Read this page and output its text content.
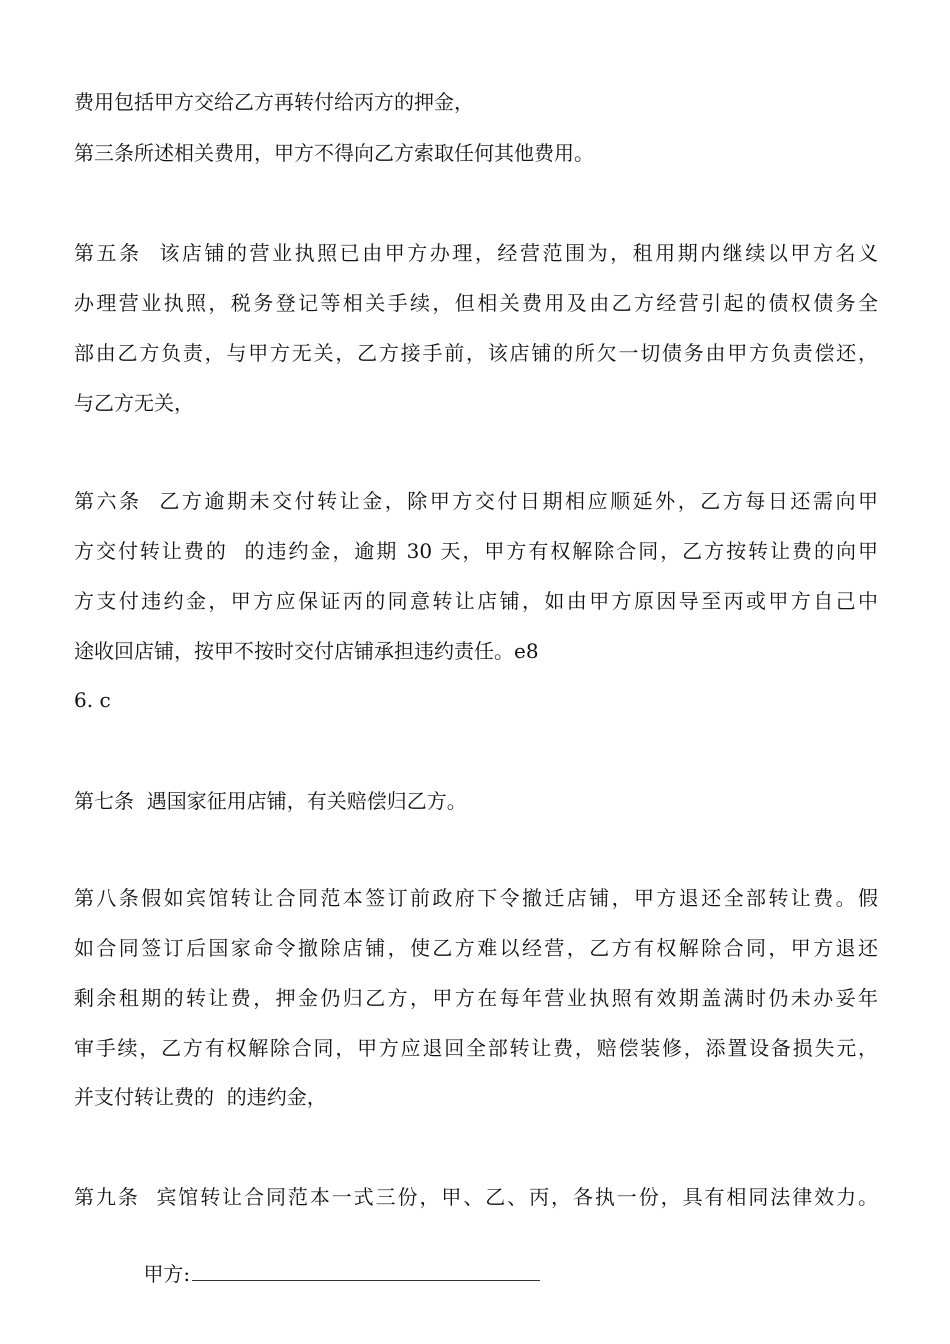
费用包括甲方交给乙方再转付给丙方的押金，

第三条所述相关费用，甲方不得向乙方索取任何其他费用。

第五条  该店铺的营业执照已由甲方办理，经营范围为，租用期内继续以甲方名义

办理营业执照，税务登记等相关手续，但相关费用及由乙方经营引起的债权债务全

部由乙方负责，与甲方无关，乙方接手前，该店铺的所欠一切债务由甲方负责偿还，

与乙方无关，

第六条  乙方逾期未交付转让金，除甲方交付日期相应顺延外，乙方每日还需向甲

方交付转让费的  的违约金，逾期 30 天，甲方有权解除合同，乙方按转让费的向甲

方支付违约金，甲方应保证丙的同意转让店铺，如由甲方原因导至丙或甲方自己中

途收回店铺，按甲不按时交付店铺承担违约责任。e8

6. c

第七条  遇国家征用店铺，有关赔偿归乙方。

第八条假如宾馆转让合同范本签订前政府下令撤迁店铺，甲方退还全部转让费。假

如合同签订后国家命令撤除店铺，使乙方难以经营，乙方有权解除合同，甲方退还

剩余租期的转让费，押金仍归乙方，甲方在每年营业执照有效期盖满时仍未办妥年

审手续，乙方有权解除合同，甲方应退回全部转让费，赔偿装修，添置设备损失元，

并支付转让费的  的违约金，

第九条  宾馆转让合同范本一式三份，甲、乙、丙，各执一份，具有相同法律效力。

甲方:
